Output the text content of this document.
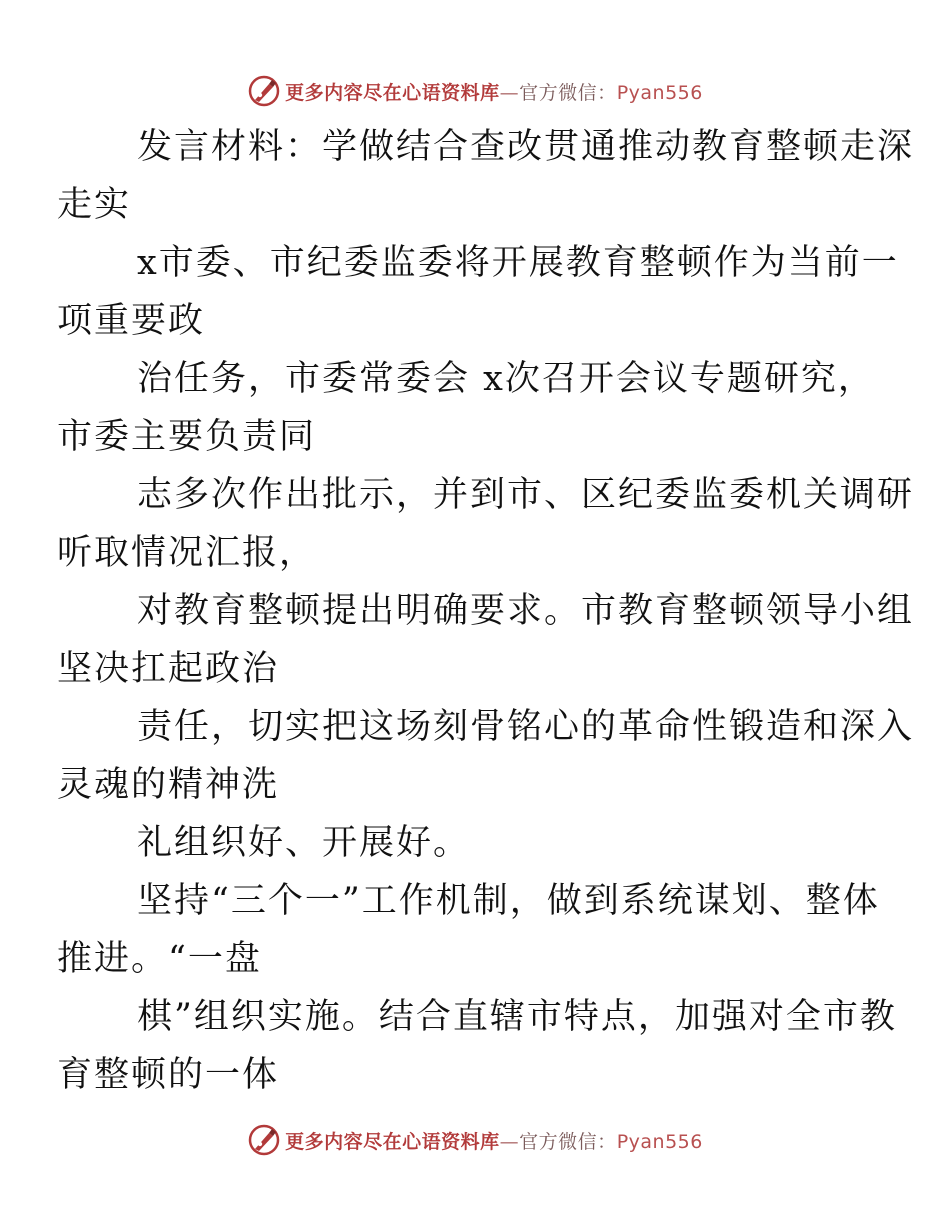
更多内容尽在心语资料库—官方微信：Pyan556

发言材料：学做结合查改贯通推动教育整顿走深
走实

x市委、市纪委监委将开展教育整顿作为当前一
项重要政

治任务，市委常委会 x次召开会议专题研究，
市委主要负责同

志多次作出批示，并到市、区纪委监委机关调研
听取情况汇报，

对教育整顿提出明确要求。市教育整顿领导小组
坚决扛起政治

责任，切实把这场刻骨铭心的革命性锻造和深入
灵魂的精神洗

礼组织好、开展好。

坚持“三个一”工作机制，做到系统谋划、整体
推进。“一盘

棋”组织实施。结合直辖市特点，加强对全市教
育整顿的一体

更多内容尽在心语资料库—官方微信：Pyan556
